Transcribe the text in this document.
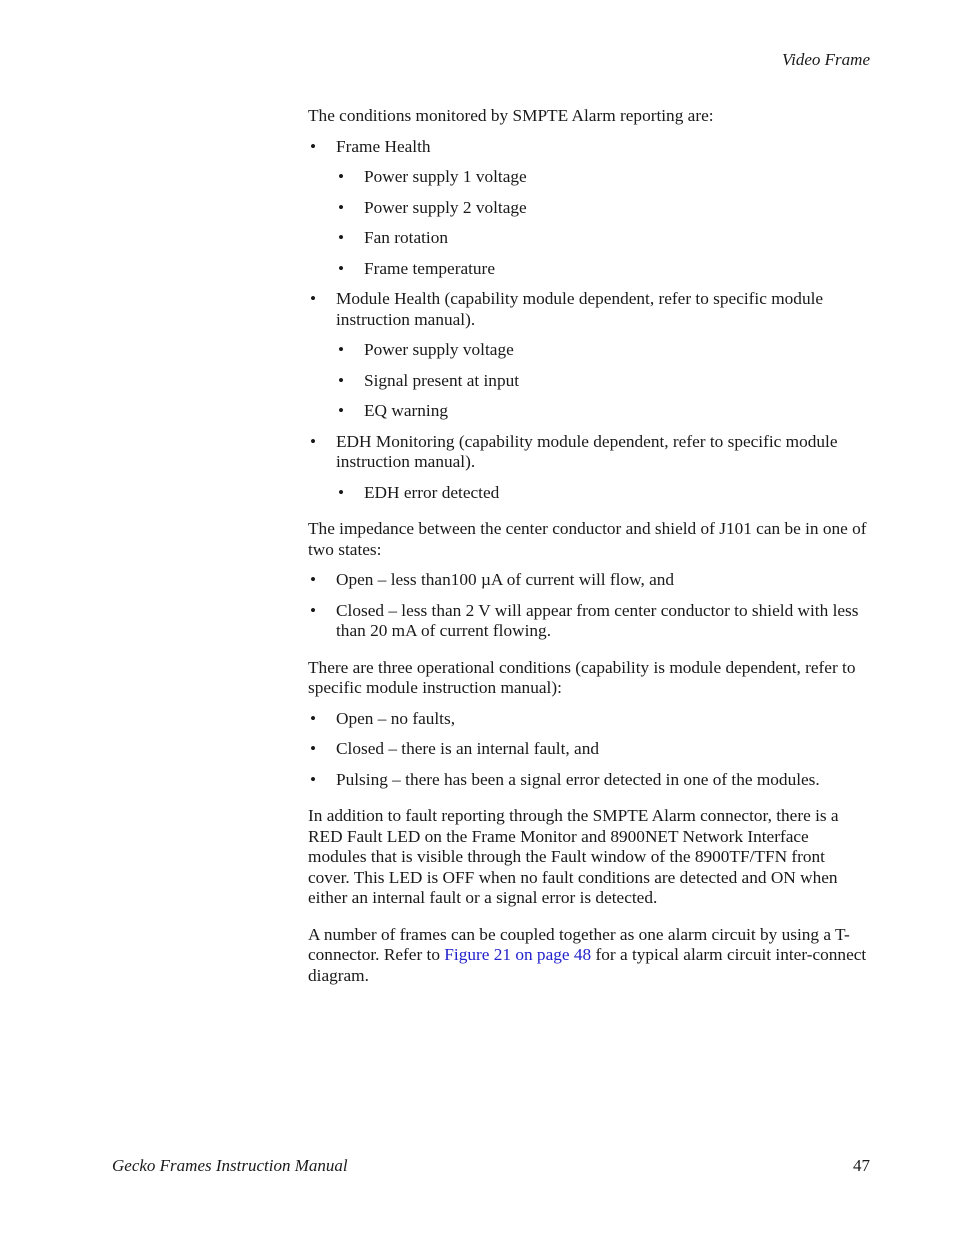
Video Frame

The conditions monitored by SMPTE Alarm reporting are:

• Frame Health
• Power supply 1 voltage
• Power supply 2 voltage
• Fan rotation
• Frame temperature
• Module Health (capability module dependent, refer to specific module instruction manual).
• Power supply voltage
• Signal present at input
• EQ warning
• EDH Monitoring (capability module dependent, refer to specific module instruction manual).
• EDH error detected

The impedance between the center conductor and shield of J101 can be in one of two states:

• Open – less than100 µA of current will flow, and
• Closed – less than 2 V will appear from center conductor to shield with less than 20 mA of current flowing.

There are three operational conditions (capability is module dependent, refer to specific module instruction manual):

• Open – no faults,
• Closed – there is an internal fault, and
• Pulsing – there has been a signal error detected in one of the modules.

In addition to fault reporting through the SMPTE Alarm connector, there is a RED Fault LED on the Frame Monitor and 8900NET Network Interface modules that is visible through the Fault window of the 8900TF/TFN front cover. This LED is OFF when no fault conditions are detected and ON when either an internal fault or a signal error is detected.

A number of frames can be coupled together as one alarm circuit by using a T-connector. Refer to Figure 21 on page 48 for a typical alarm circuit inter-connect diagram.

Gecko Frames Instruction Manual	47
